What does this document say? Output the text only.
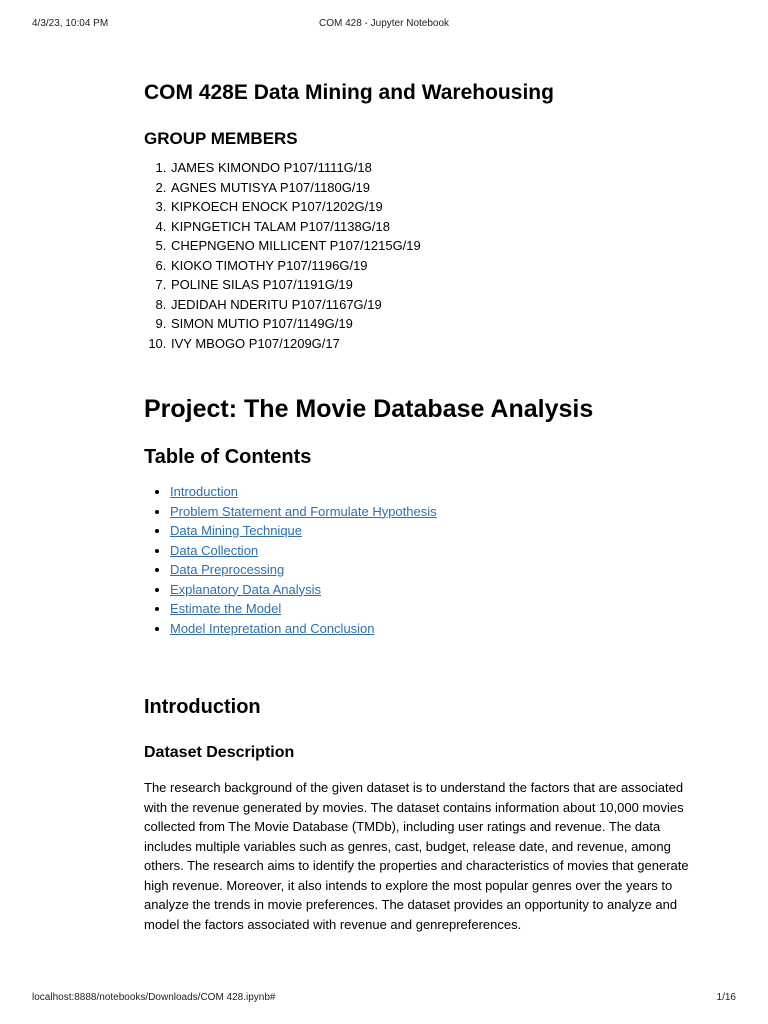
4/3/23, 10:04 PM	COM 428 - Jupyter Notebook
COM 428E Data Mining and Warehousing
GROUP MEMBERS
1. JAMES KIMONDO P107/1111G/18
2. AGNES MUTISYA P107/1180G/19
3. KIPKOECH ENOCK P107/1202G/19
4. KIPNGETICH TALAM P107/1138G/18
5. CHEPNGENO MILLICENT P107/1215G/19
6. KIOKO TIMOTHY P107/1196G/19
7. POLINE SILAS P107/1191G/19
8. JEDIDAH NDERITU P107/1167G/19
9. SIMON MUTIO P107/1149G/19
10. IVY MBOGO P107/1209G/17
Project: The Movie Database Analysis
Table of Contents
• Introduction
• Problem Statement and Formulate Hypothesis
• Data Mining Technique
• Data Collection
• Data Preprocessing
• Explanatory Data Analysis
• Estimate the Model
• Model Intepretation and Conclusion
Introduction
Dataset Description

The research background of the given dataset is to understand the factors that are associated with the revenue generated by movies. The dataset contains information about 10,000 movies collected from The Movie Database (TMDb), including user ratings and revenue. The data includes multiple variables such as genres, cast, budget, release date, and revenue, among others. The research aims to identify the properties and characteristics of movies that generate high revenue. Moreover, it also intends to explore the most popular genres over the years to analyze the trends in movie preferences. The dataset provides an opportunity to analyze and model the factors associated with revenue and genrepreferences.

localhost:8888/notebooks/Downloads/COM 428.ipynb#	1/16
